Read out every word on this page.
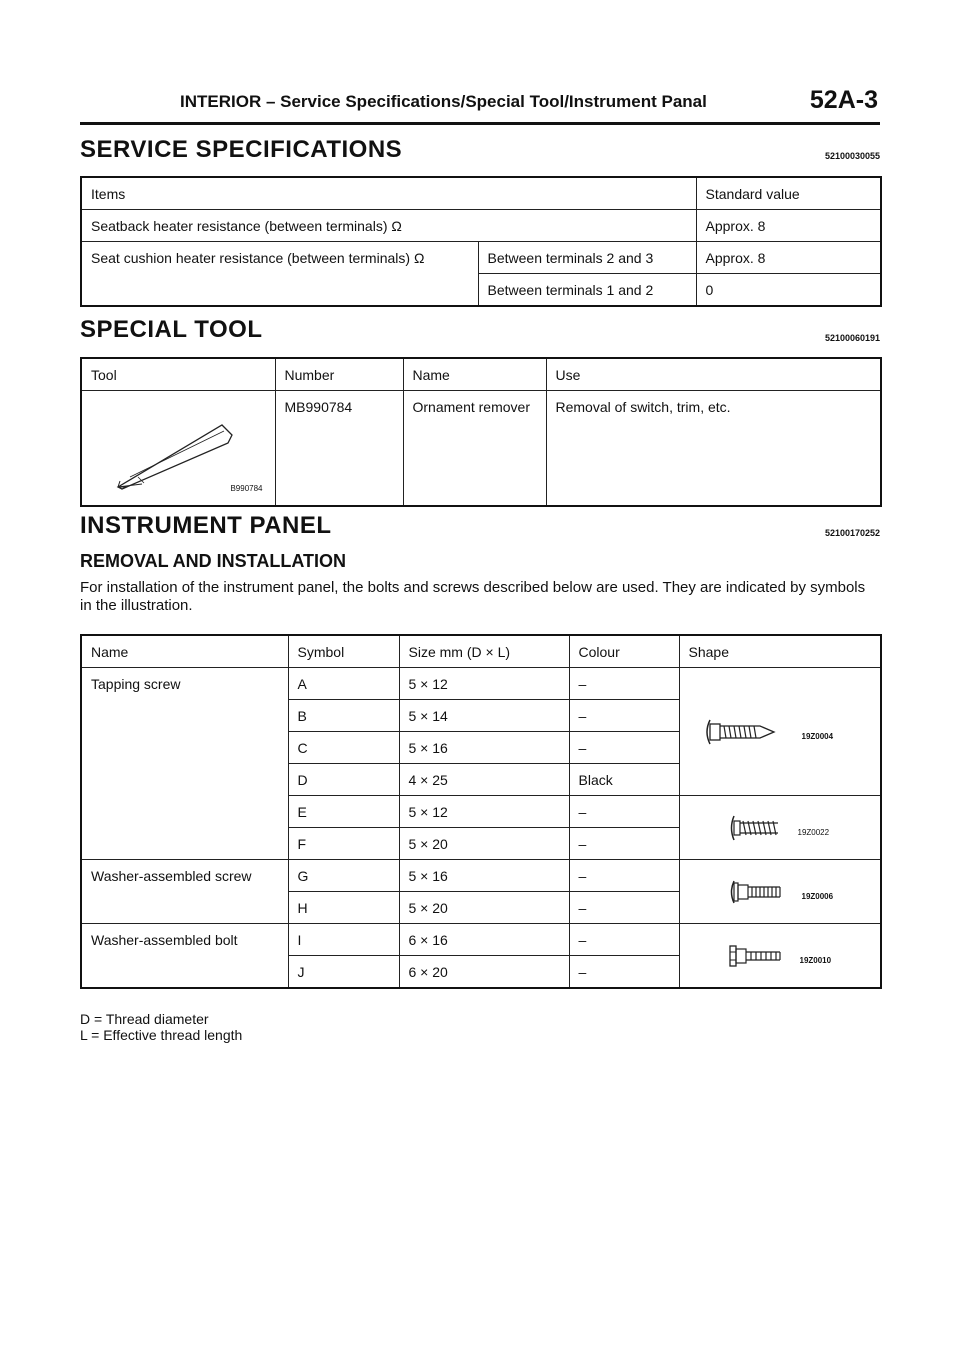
INTERIOR – Service Specifications/Special Tool/Instrument Panal	52A-3
SERVICE SPECIFICATIONS	52100030055
Items		Standard value
Seatback heater resistance (between terminals) Ω		Approx. 8
Seat cushion heater resistance (between terminals) Ω	Between terminals 2 and 3	Approx. 8
	Between terminals 1 and 2	0
SPECIAL TOOL	52100060191
Tool	Number	Name	Use

B990784	MB990784	Ornament remover	Removal of switch, trim, etc.
INSTRUMENT PANEL	52100170252
REMOVAL AND INSTALLATION
For installation of the instrument panel, the bolts and screws described below are used. They are indicated by symbols in the illustration.
Name	Symbol	Size mm (D × L)	Colour	Shape
Tapping screw	A	5 × 12	–	19Z0004

	B	5 × 14	–	
	C	5 × 16	–	
	D	4 × 25	Black	
	E	5 × 12	–	19Z0022

	F	5 × 20	–	
Washer-assembled screw	G	5 × 16	–	19Z0006

	H	5 × 20	–	
Washer-assembled bolt	I	6 × 16	–	19Z0010

	J	6 × 20	–	
D = Thread diameter
L = Effective thread length
